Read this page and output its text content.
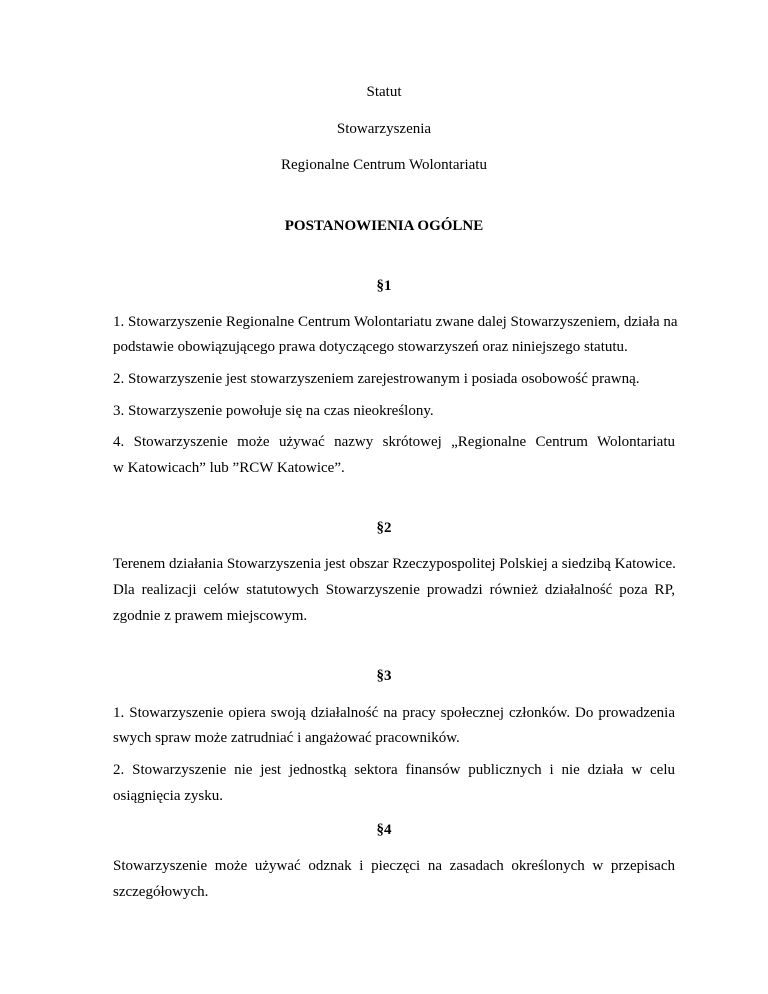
Statut
Stowarzyszenia
Regionalne Centrum Wolontariatu
POSTANOWIENIA OGÓLNE
§1
1. Stowarzyszenie Regionalne Centrum Wolontariatu zwane dalej Stowarzyszeniem, działa na
podstawie obowiązującego prawa dotyczącego stowarzyszeń oraz niniejszego statutu.
2. Stowarzyszenie jest stowarzyszeniem zarejestrowanym i posiada osobowość prawną.
3. Stowarzyszenie powołuje się na czas nieokreślony.
4. Stowarzyszenie może używać nazwy skrótowej „Regionalne Centrum Wolontariatu
w Katowicach” lub ”RCW Katowice”.
§2
Terenem działania Stowarzyszenia jest obszar Rzeczypospolitej Polskiej a siedzibą Katowice.
Dla realizacji celów statutowych Stowarzyszenie prowadzi również działalność poza RP,
zgodnie z prawem miejscowym.
§3
1. Stowarzyszenie opiera swoją działalność na pracy społecznej członków. Do prowadzenia
swych spraw może zatrudniać i angażować pracowników.
2. Stowarzyszenie nie jest jednostką sektora finansów publicznych i nie działa w celu
osiągnięcia zysku.
§4
Stowarzyszenie może używać odznak i pieczęci na zasadach określonych w przepisach
szczegółowych.
